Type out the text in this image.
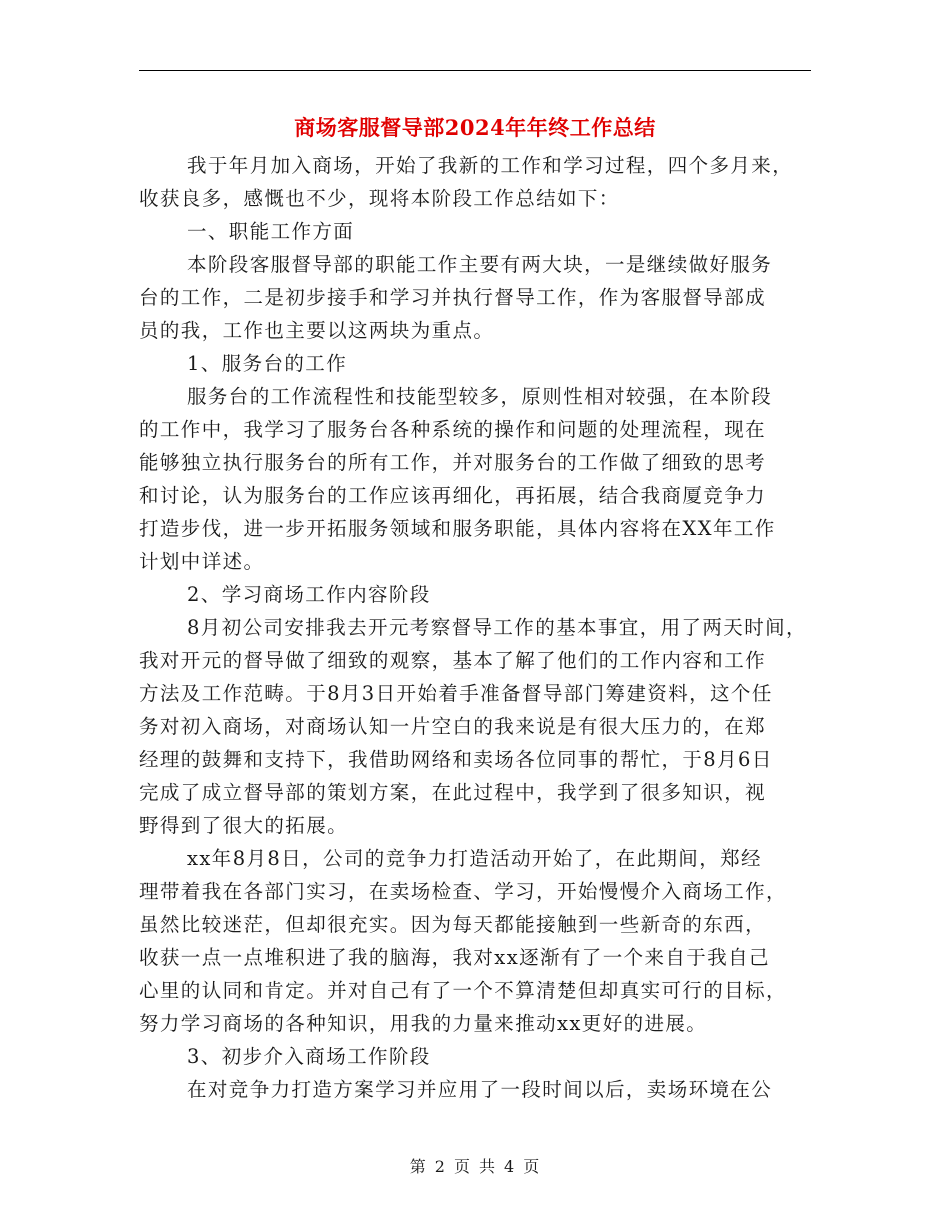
商场客服督导部2024年年终工作总结
我于年月加入商场，开始了我新的工作和学习过程，四个多月来，
收获良多，感慨也不少，现将本阶段工作总结如下：
一、职能工作方面
本阶段客服督导部的职能工作主要有两大块，一是继续做好服务
台的工作，二是初步接手和学习并执行督导工作，作为客服督导部成
员的我，工作也主要以这两块为重点。
1、服务台的工作
服务台的工作流程性和技能型较多，原则性相对较强，在本阶段
的工作中，我学习了服务台各种系统的操作和问题的处理流程，现在
能够独立执行服务台的所有工作，并对服务台的工作做了细致的思考
和讨论，认为服务台的工作应该再细化，再拓展，结合我商厦竞争力
打造步伐，进一步开拓服务领域和服务职能，具体内容将在XX年工作
计划中详述。
2、学习商场工作内容阶段
8月初公司安排我去开元考察督导工作的基本事宜，用了两天时间，
我对开元的督导做了细致的观察，基本了解了他们的工作内容和工作
方法及工作范畴。于8月3日开始着手准备督导部门筹建资料，这个任
务对初入商场，对商场认知一片空白的我来说是有很大压力的，在郑
经理的鼓舞和支持下，我借助网络和卖场各位同事的帮忙，于8月6日
完成了成立督导部的策划方案，在此过程中，我学到了很多知识，视
野得到了很大的拓展。
xx年8月8日，公司的竞争力打造活动开始了，在此期间，郑经
理带着我在各部门实习，在卖场检查、学习，开始慢慢介入商场工作，
虽然比较迷茫，但却很充实。因为每天都能接触到一些新奇的东西，
收获一点一点堆积进了我的脑海，我对xx逐渐有了一个来自于我自己
心里的认同和肯定。并对自己有了一个不算清楚但却真实可行的目标，
努力学习商场的各种知识，用我的力量来推动xx更好的进展。
3、初步介入商场工作阶段
在对竞争力打造方案学习并应用了一段时间以后，卖场环境在公
第 2 页 共 4 页
